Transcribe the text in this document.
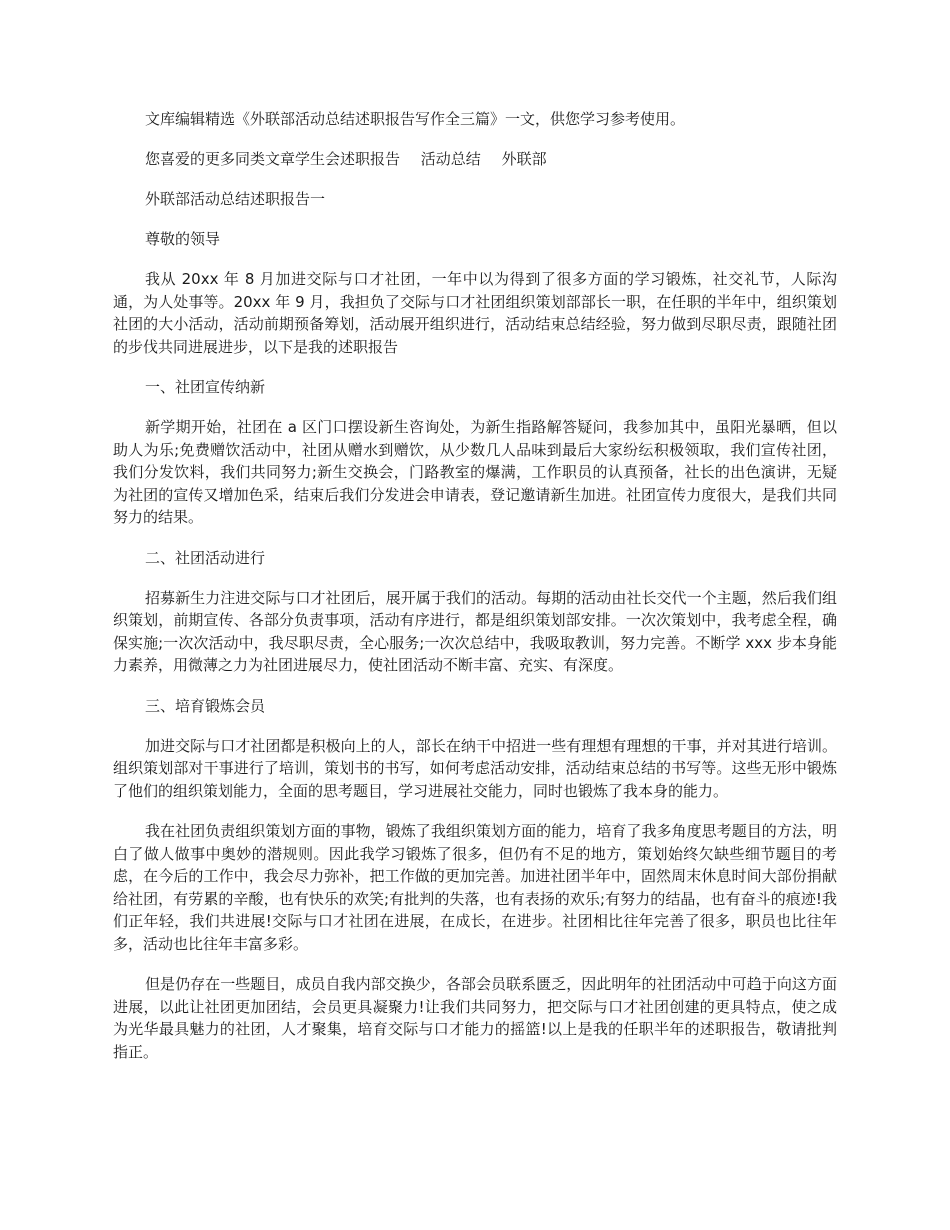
文库编辑精选《外联部活动总结述职报告写作全三篇》一文，供您学习参考使用。
您喜爱的更多同类文章学生会述职报告 活动总结 外联部
外联部活动总结述职报告一
尊敬的领导

我从 20xx 年 8 月加进交际与口才社团，一年中以为得到了很多方面的学习锻炼，社交礼节，人际沟通，为人处事等。20xx 年 9 月，我担负了交际与口才社团组织策划部部长一职，在任职的半年中，组织策划社团的大小活动，活动前期预备筹划，活动展开组织进行，活动结束总结经验，努力做到尽职尽责，跟随社团的步伐共同进展进步，以下是我的述职报告

一、社团宣传纳新

新学期开始，社团在 a 区门口摆设新生咨询处，为新生指路解答疑问，我参加其中，虽阳光暴晒，但以助人为乐;免费赠饮活动中，社团从赠水到赠饮，从少数几人品味到最后大家纷纭积极领取，我们宣传社团，我们分发饮料，我们共同努力;新生交换会，门路教室的爆满，工作职员的认真预备，社长的出色演讲，无疑为社团的宣传又增加色采，结束后我们分发进会申请表，登记邀请新生加进。社团宣传力度很大，是我们共同努力的结果。

二、社团活动进行

招募新生力注进交际与口才社团后，展开属于我们的活动。每期的活动由社长交代一个主题，然后我们组织策划，前期宣传、各部分负责事项，活动有序进行，都是组织策划部安排。一次次策划中，我考虑全程，确保实施;一次次活动中，我尽职尽责，全心服务;一次次总结中，我吸取教训，努力完善。不断学 xxx 步本身能力素养，用微薄之力为社团进展尽力，使社团活动不断丰富、充实、有深度。

三、培育锻炼会员

加进交际与口才社团都是积极向上的人，部长在纳干中招进一些有理想有理想的干事，并对其进行培训。组织策划部对干事进行了培训，策划书的书写，如何考虑活动安排，活动结束总结的书写等。这些无形中锻炼了他们的组织策划能力，全面的思考题目，学习进展社交能力，同时也锻炼了我本身的能力。

我在社团负责组织策划方面的事物，锻炼了我组织策划方面的能力，培育了我多角度思考题目的方法，明白了做人做事中奥妙的潜规则。因此我学习锻炼了很多，但仍有不足的地方，策划始终欠缺些细节题目的考虑，在今后的工作中，我会尽力弥补，把工作做的更加完善。加进社团半年中，固然周末休息时间大部份捐献给社团，有劳累的辛酸，也有快乐的欢笑;有批判的失落，也有表扬的欢乐;有努力的结晶，也有奋斗的痕迹!我们正年轻，我们共进展!交际与口才社团在进展，在成长，在进步。社团相比往年完善了很多，职员也比往年多，活动也比往年丰富多彩。

但是仍存在一些题目，成员自我内部交换少，各部会员联系匮乏，因此明年的社团活动中可趋于向这方面进展，以此让社团更加团结，会员更具凝聚力!让我们共同努力，把交际与口才社团创建的更具特点，使之成为光华最具魅力的社团，人才聚集，培育交际与口才能力的摇篮!以上是我的任职半年的述职报告，敬请批判指正。
